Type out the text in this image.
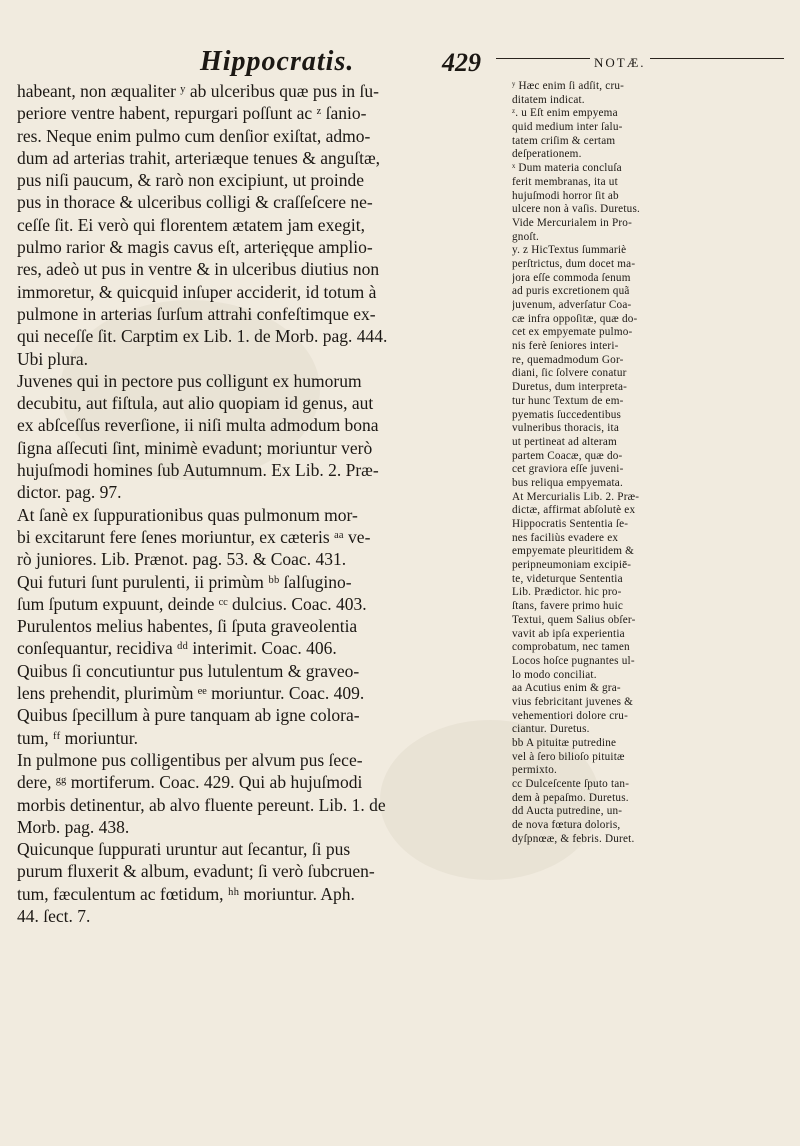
Hippocratis.	429	NOTÆ.
habeant, non æqualiter ʸ ab ulceribus quæ pus in ſu-
periore ventre habent, repurgari poſſunt ac ᶻ ſanio-
res. Neque enim pulmo cum denſior exiſtat, admo-
dum ad arterias trahit, arteriæque tenues & anguſtæ,
pus niſi paucum, & rarò non excipiunt, ut proinde
pus in thorace & ulceribus colligi & craſſeſcere ne-
ceſſe ſit. Ei verò qui florentem ætatem jam exegit,
pulmo rarior & magis cavus eſt, arterięque amplio-
res, adeò ut pus in ventre & in ulceribus diutius non
immoretur, & quicquid inſuper acciderit, id totum à
pulmone in arterias ſurſum attrahi confeſtimque ex-
qui neceſſe ſit. Carptim ex Lib. 1. de Morb. pag. 444.
Ubi plura.
Juvenes qui in pectore pus colligunt ex humorum
decubitu, aut fiſtula, aut alio quopiam id genus, aut
ex abſceſſus reverſione, ii niſi multa admodum bona
ſigna aſſecuti ſint, minimè evadunt; moriuntur verò
hujuſmodi homines ſub Autumnum. Ex Lib. 2. Præ-
dictor. pag. 97.
At ſanè ex ſuppurationibus quas pulmonum mor-
bi excitarunt fere ſenes moriuntur, ex cæteris ᵃᵃ ve-
rò juniores. Lib. Prænot. pag. 53. & Coac. 431.
Qui futuri ſunt purulenti, ii primùm ᵇᵇ ſalſugino-
ſum ſputum expuunt, deinde ᶜᶜ dulcius. Coac. 403.
Purulentos melius habentes, ſi ſputa graveolentia
conſequantur, recidiva ᵈᵈ interimit. Coac. 406.
Quibus ſi concutiuntur pus lutulentum & graveo-
lens prehendit, plurimùm ᵉᵉ moriuntur. Coac. 409.
Quibus ſpecillum à pure tanquam ab igne colora-
tum, ᶠᶠ moriuntur.
In pulmone pus colligentibus per alvum pus ſece-
dere, ᵍᵍ mortiferum. Coac. 429. Qui ab hujuſmodi
morbis detinentur, ab alvo fluente pereunt. Lib. 1. de
Morb. pag. 438.
Quicunque ſuppurati uruntur aut ſecantur, ſi pus
purum fluxerit & album, evadunt; ſi verò ſubcruen-
tum, fæculentum ac fœtidum, ʰʰ moriuntur. Aph.
44. ſect. 7.
ʸ Hæc enim ſi adſit, cru-
ditatem indicat.
ᶻ. u Eſt enim empyema
quid medium inter ſalu-
tatem criſim & certam
deſperationem.
ˣ Dum materia concluſa
ferit membranas, ita ut
hujuſmodi horror ſit ab
ulcere non à vaſis. Duretus.
Vide Mercurialem in Pro-
gnoſt.
y. z HicTextus ſummariè
perſtrictus, dum docet ma-
jora eſſe commoda ſenum
ad puris excretionem quã
juvenum, adverſatur Coa-
cæ infra oppoſitæ, quæ do-
cet ex empyemate pulmo-
nis ferè ſeniores interi-
re, quemadmodum Gor-
diani, ſic ſolvere conatur
Duretus, dum interpreta-
tur hunc Textum de em-
pyematis ſuccedentibus
vulneribus thoracis, ita
ut pertineat ad alteram
partem Coacæ, quæ do-
cet graviora eſſe juveni-
bus reliqua empyemata.
At Mercurialis Lib. 2. Præ-
dictæ, affirmat abſolutè ex
Hippocratis Sententia ſe-
nes faciliùs evadere ex
empyemate pleuritidem &
peripneumoniam excipiē-
te, videturque Sententia
Lib. Prædictor. hic pro-
ſtans, favere primo huic
Textui, quem Salius obſer-
vavit ab ipſa experientia
comprobatum, nec tamen
Locos hoſce pugnantes ul-
lo modo conciliat.
aa Acutius enim & gra-
vius febricitant juvenes &
vehementiori dolore cru-
ciantur. Duretus.
bb A pituitæ putredine
vel à ſero bilioſo pituitæ
permixto.
cc Dulceſcente ſputo tan-
dem à pepaſmo. Duretus.
dd Aucta putredine, un-
de nova fœtura doloris,
dyſpnœæ, & febris. Duret.
